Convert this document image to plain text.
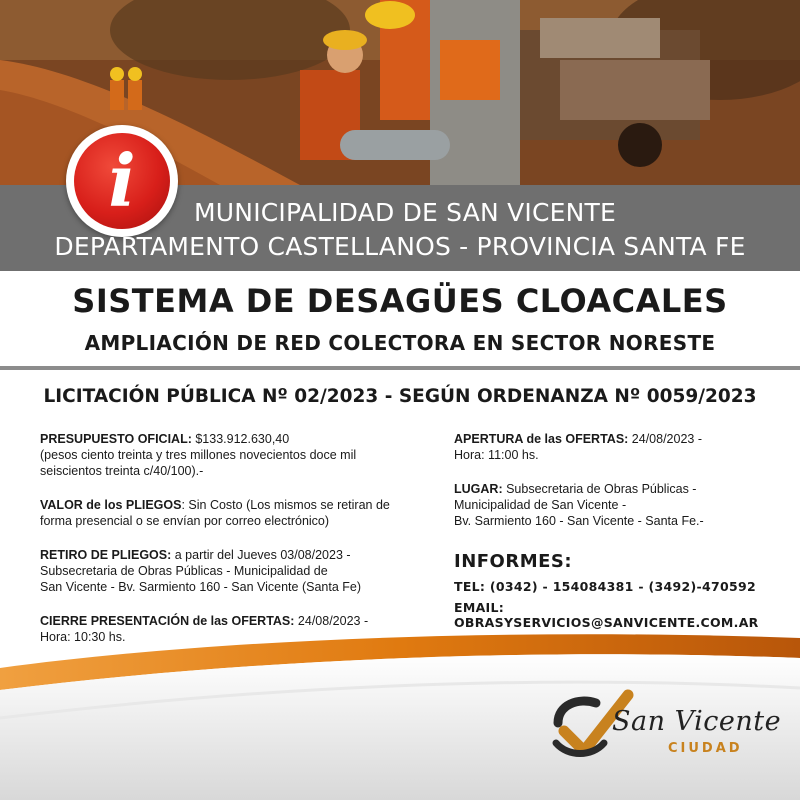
i	MUNICIPALIDAD DE SAN VICENTE
DEPARTAMENTO CASTELLANOS - PROVINCIA SANTA FE
SISTEMA DE DESAGÜES CLOACALES
AMPLIACIÓN DE RED COLECTORA EN SECTOR NORESTE
LICITACIÓN PÚBLICA Nº 02/2023 - SEGÚN ORDENANZA Nº 0059/2023
PRESUPUESTO OFICIAL: $133.912.630,40
(pesos ciento treinta y tres millones novecientos doce mil
seiscientos treinta c/40/100).-
VALOR de los PLIEGOS: Sin Costo (Los mismos se retiran de
forma presencial o se envían por correo electrónico)
RETIRO DE PLIEGOS: a partir del Jueves 03/08/2023 -
Subsecretaria de Obras Públicas - Municipalidad de
San Vicente - Bv. Sarmiento 160 - San Vicente (Santa Fe)
CIERRE PRESENTACIÓN de las OFERTAS: 24/08/2023 -
Hora: 10:30 hs.
APERTURA de las OFERTAS: 24/08/2023 -
Hora: 11:00 hs.
LUGAR: Subsecretaria de Obras Públicas -
Municipalidad de San Vicente -
Bv. Sarmiento 160 - San Vicente - Santa Fe.-
INFORMES:
TEL: (0342) - 154084381 - (3492)-470592
EMAIL: OBRASYSERVICIOS@SANVICENTE.COM.AR
San Vicente
CIUDAD
